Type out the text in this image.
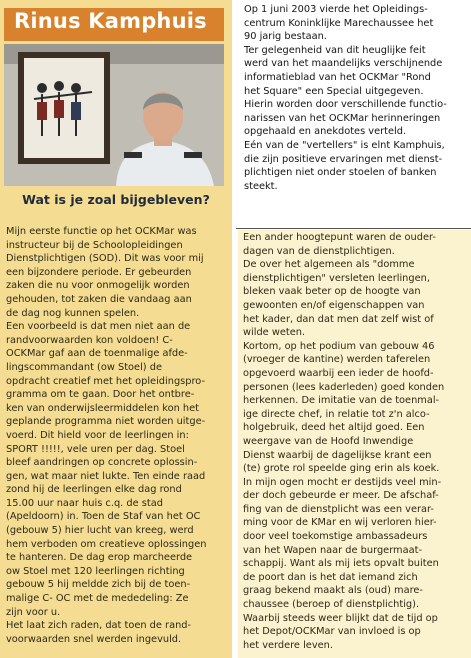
Rinus Kamphuis
Wat is je zoal bijgebleven?
Mijn eerste functie op het OCKMar was
instructeur bij de Schoolopleidingen
Dienstplichtigen (SOD). Dit was voor mij
een bijzondere periode. Er gebeurden
zaken die nu voor onmogelijk worden
gehouden, tot zaken die vandaag aan
de dag nog kunnen spelen.
Een voorbeeld is dat men niet aan de
randvoorwaarden kon voldoen! C-
OCKMar gaf aan de toenmalige afde-
lingscommandant (ow Stoel) de
opdracht creatief met het opleidingspro-
gramma om te gaan. Door het ontbre-
ken van onderwijsleermiddelen kon het
geplande programma niet worden uitge-
voerd. Dit hield voor de leerlingen in:
SPORT !!!!!, vele uren per dag. Stoel
bleef aandringen op concrete oplossin-
gen, wat maar niet lukte. Ten einde raad
zond hij de leerlingen elke dag rond
15.00 uur naar huis c.q. de stad
(Apeldoorn) in. Toen de Staf van het OC
(gebouw 5) hier lucht van kreeg, werd
hem verboden om creatieve oplossingen
te hanteren. De dag erop marcheerde
ow Stoel met 120 leerlingen richting
gebouw 5 hij meldde zich bij de toen-
malige C- OC met de mededeling: Ze
zijn voor u.
Het laat zich raden, dat toen de rand-
voorwaarden snel werden ingevuld.
Op 1 juni 2003 vierde het Opleidings-
centrum Koninklijke Marechaussee het
90 jarig bestaan.
Ter gelegenheid van dit heuglijke feit
werd van het maandelijks verschijnende
informatieblad van het OCKMar "Rond
het Square" een Special uitgegeven.
Hierin worden door verschillende functio-
narissen van het OCKMar herinneringen
opgehaald en anekdotes verteld.
Eén van de "vertellers" is elnt Kamphuis,
die zijn positieve ervaringen met dienst-
plichtigen niet onder stoelen of banken
steekt.
Een ander hoogtepunt waren de ouder-
dagen van de dienstplichtigen.
De over het algemeen als "domme
dienstplichtigen" versleten leerlingen,
bleken vaak beter op de hoogte van
gewoonten en/of eigenschappen van
het kader, dan dat men dat zelf wist of
wilde weten.
Kortom, op het podium van gebouw 46
(vroeger de kantine) werden taferelen
opgevoerd waarbij een ieder de hoofd-
personen (lees kaderleden) goed konden
herkennen. De imitatie van de toenmal-
ige directe chef, in relatie tot z'n alco-
holgebruik, deed het altijd goed. Een
weergave van de Hoofd Inwendige
Dienst waarbij de dagelijkse krant een
(te) grote rol speelde ging erin als koek.
In mijn ogen mocht er destijds veel min-
der doch gebeurde er meer. De afschaf-
fing van de dienstplicht was een verar-
ming voor de KMar en wij verloren hier-
door veel toekomstige ambassadeurs
van het Wapen naar de burgermaat-
schappij. Want als mij iets opvalt buiten
de poort dan is het dat iemand zich
graag bekend maakt als (oud) mare-
chaussee (beroep of dienstplichtig).
Waarbij steeds weer blijkt dat de tijd op
het Depot/OCKMar van invloed is op
het verdere leven.
